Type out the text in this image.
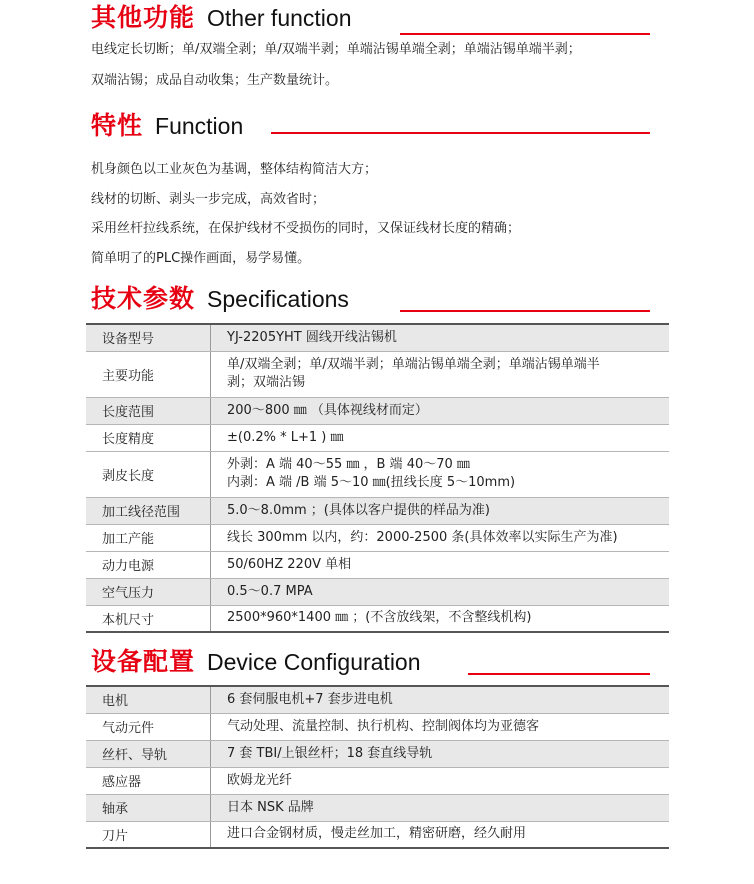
其他功能 Other function
电线定长切断；单/双端全剥；单/双端半剥；单端沾锡单端全剥；单端沾锡单端半剥；
双端沾锡；成品自动收集；生产数量统计。
特性 Function
机身颜色以工业灰色为基调，整体结构简洁大方；
线材的切断、剥头一步完成，高效省时；
采用丝杆拉线系统，在保护线材不受损伤的同时，又保证线材长度的精确；
简单明了的PLC操作画面，易学易懂。
技术参数 Specifications
设备型号	YJ-2205YHT 圆线开线沾锡机
主要功能	单/双端全剥；单/双端半剥；单端沾锡单端全剥；单端沾锡单端半
剥；双端沾锡

长度范围	200～800 ㎜ （具体视线材而定）
长度精度	±(0.2% * L+1 ) ㎜
剥皮长度	外剥：A 端 40～55 ㎜ ，B 端 40～70 ㎜
内剥：A 端 /B 端 5～10 ㎜(扭线长度 5～10mm)

加工线径范围	5.0～8.0mm ；(具体以客户提供的样品为准)
加工产能	线长 300mm 以内，约：2000-2500 条(具体效率以实际生产为准)
动力电源	50/60HZ 220V 单相
空气压力	0.5～0.7 MPA
本机尺寸	2500*960*1400 ㎜ ；(不含放线架，不含整线机构)
设备配置 Device Configuration
电机	6 套伺服电机+7 套步进电机
气动元件	气动处理、流量控制、执行机构、控制阀体均为亚德客
丝杆、导轨	7 套 TBI/上银丝杆；18 套直线导轨
感应器	欧姆龙光纤
轴承	日本 NSK 品牌
刀片	进口合金钢材质，慢走丝加工，精密研磨，经久耐用
